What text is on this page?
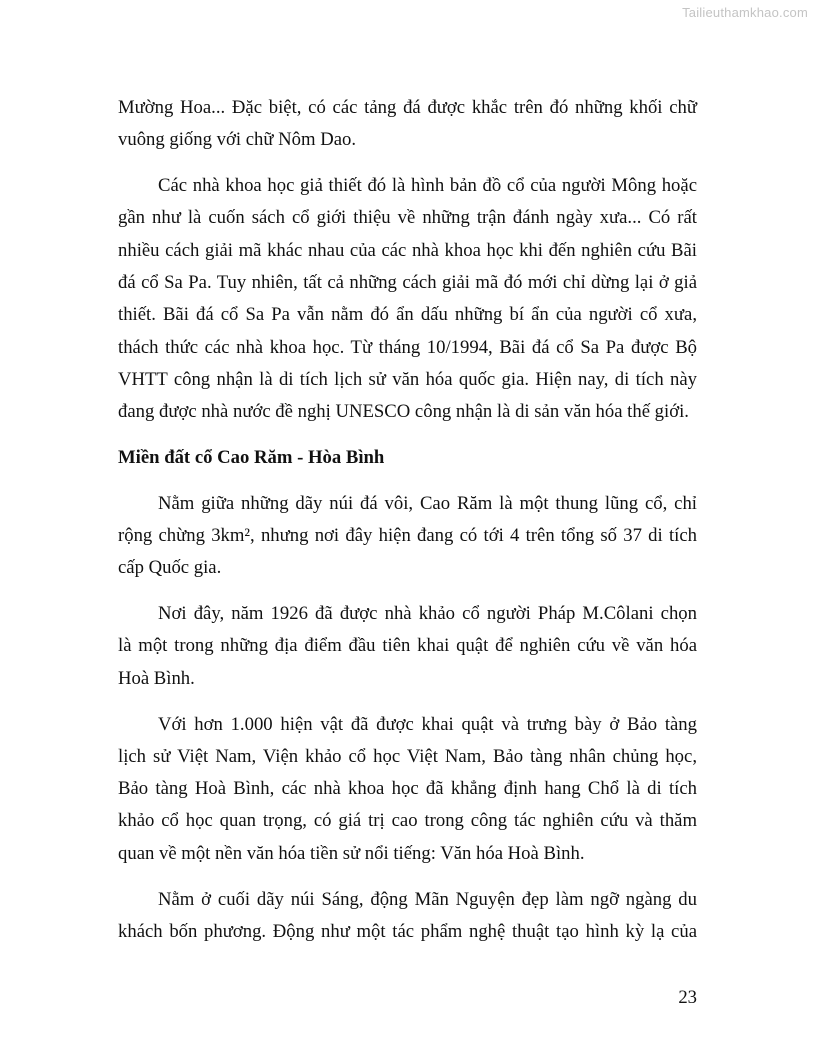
Tailieuthamkhao.com
Mường Hoa... Đặc biệt, có các tảng đá được khắc trên đó những khối chữ
vuông giống với chữ Nôm Dao.
Các nhà khoa học giả thiết đó là hình bản đồ cổ của người Mông hoặc
gần như là cuốn sách cổ giới thiệu về những trận đánh ngày xưa... Có rất
nhiều cách giải mã khác nhau của các nhà khoa học khi đến nghiên cứu Bãi
đá cổ Sa Pa. Tuy nhiên, tất cả những cách giải mã đó mới chỉ dừng lại ở giả
thiết. Bãi đá cổ Sa Pa vẫn nằm đó ẩn dấu những bí ẩn của người cổ xưa,
thách thức các nhà khoa học. Từ tháng 10/1994, Bãi đá cổ Sa Pa được Bộ
VHTT công nhận là di tích lịch sử văn hóa quốc gia. Hiện nay, di tích này
đang được nhà nước đề nghị UNESCO công nhận là di sản văn hóa thế giới.
Miền đất cổ Cao Răm - Hòa Bình
Nằm giữa những dãy núi đá vôi, Cao Răm là một thung lũng cổ, chỉ
rộng chừng 3km², nhưng nơi đây hiện đang có tới 4 trên tổng số 37 di tích
cấp Quốc gia.
Nơi đây, năm 1926 đã được nhà khảo cổ người Pháp M.Côlani chọn
là một trong những địa điểm đầu tiên khai quật để nghiên cứu về văn hóa
Hoà Bình.
Với hơn 1.000 hiện vật đã được khai quật và trưng bày ở Bảo tàng
lịch sử Việt Nam, Viện khảo cổ học Việt Nam, Bảo tàng nhân chủng học,
Bảo tàng Hoà Bình, các nhà khoa học đã khẳng định hang Chổ là di tích
khảo cổ học quan trọng, có giá trị cao trong công tác nghiên cứu và thăm
quan về một nền văn hóa tiền sử nổi tiếng: Văn hóa Hoà Bình.
Nằm ở cuối dãy núi Sáng, động Mãn Nguyện đẹp làm ngỡ ngàng du
khách bốn phương. Động như một tác phẩm nghệ thuật tạo hình kỳ lạ của
23
